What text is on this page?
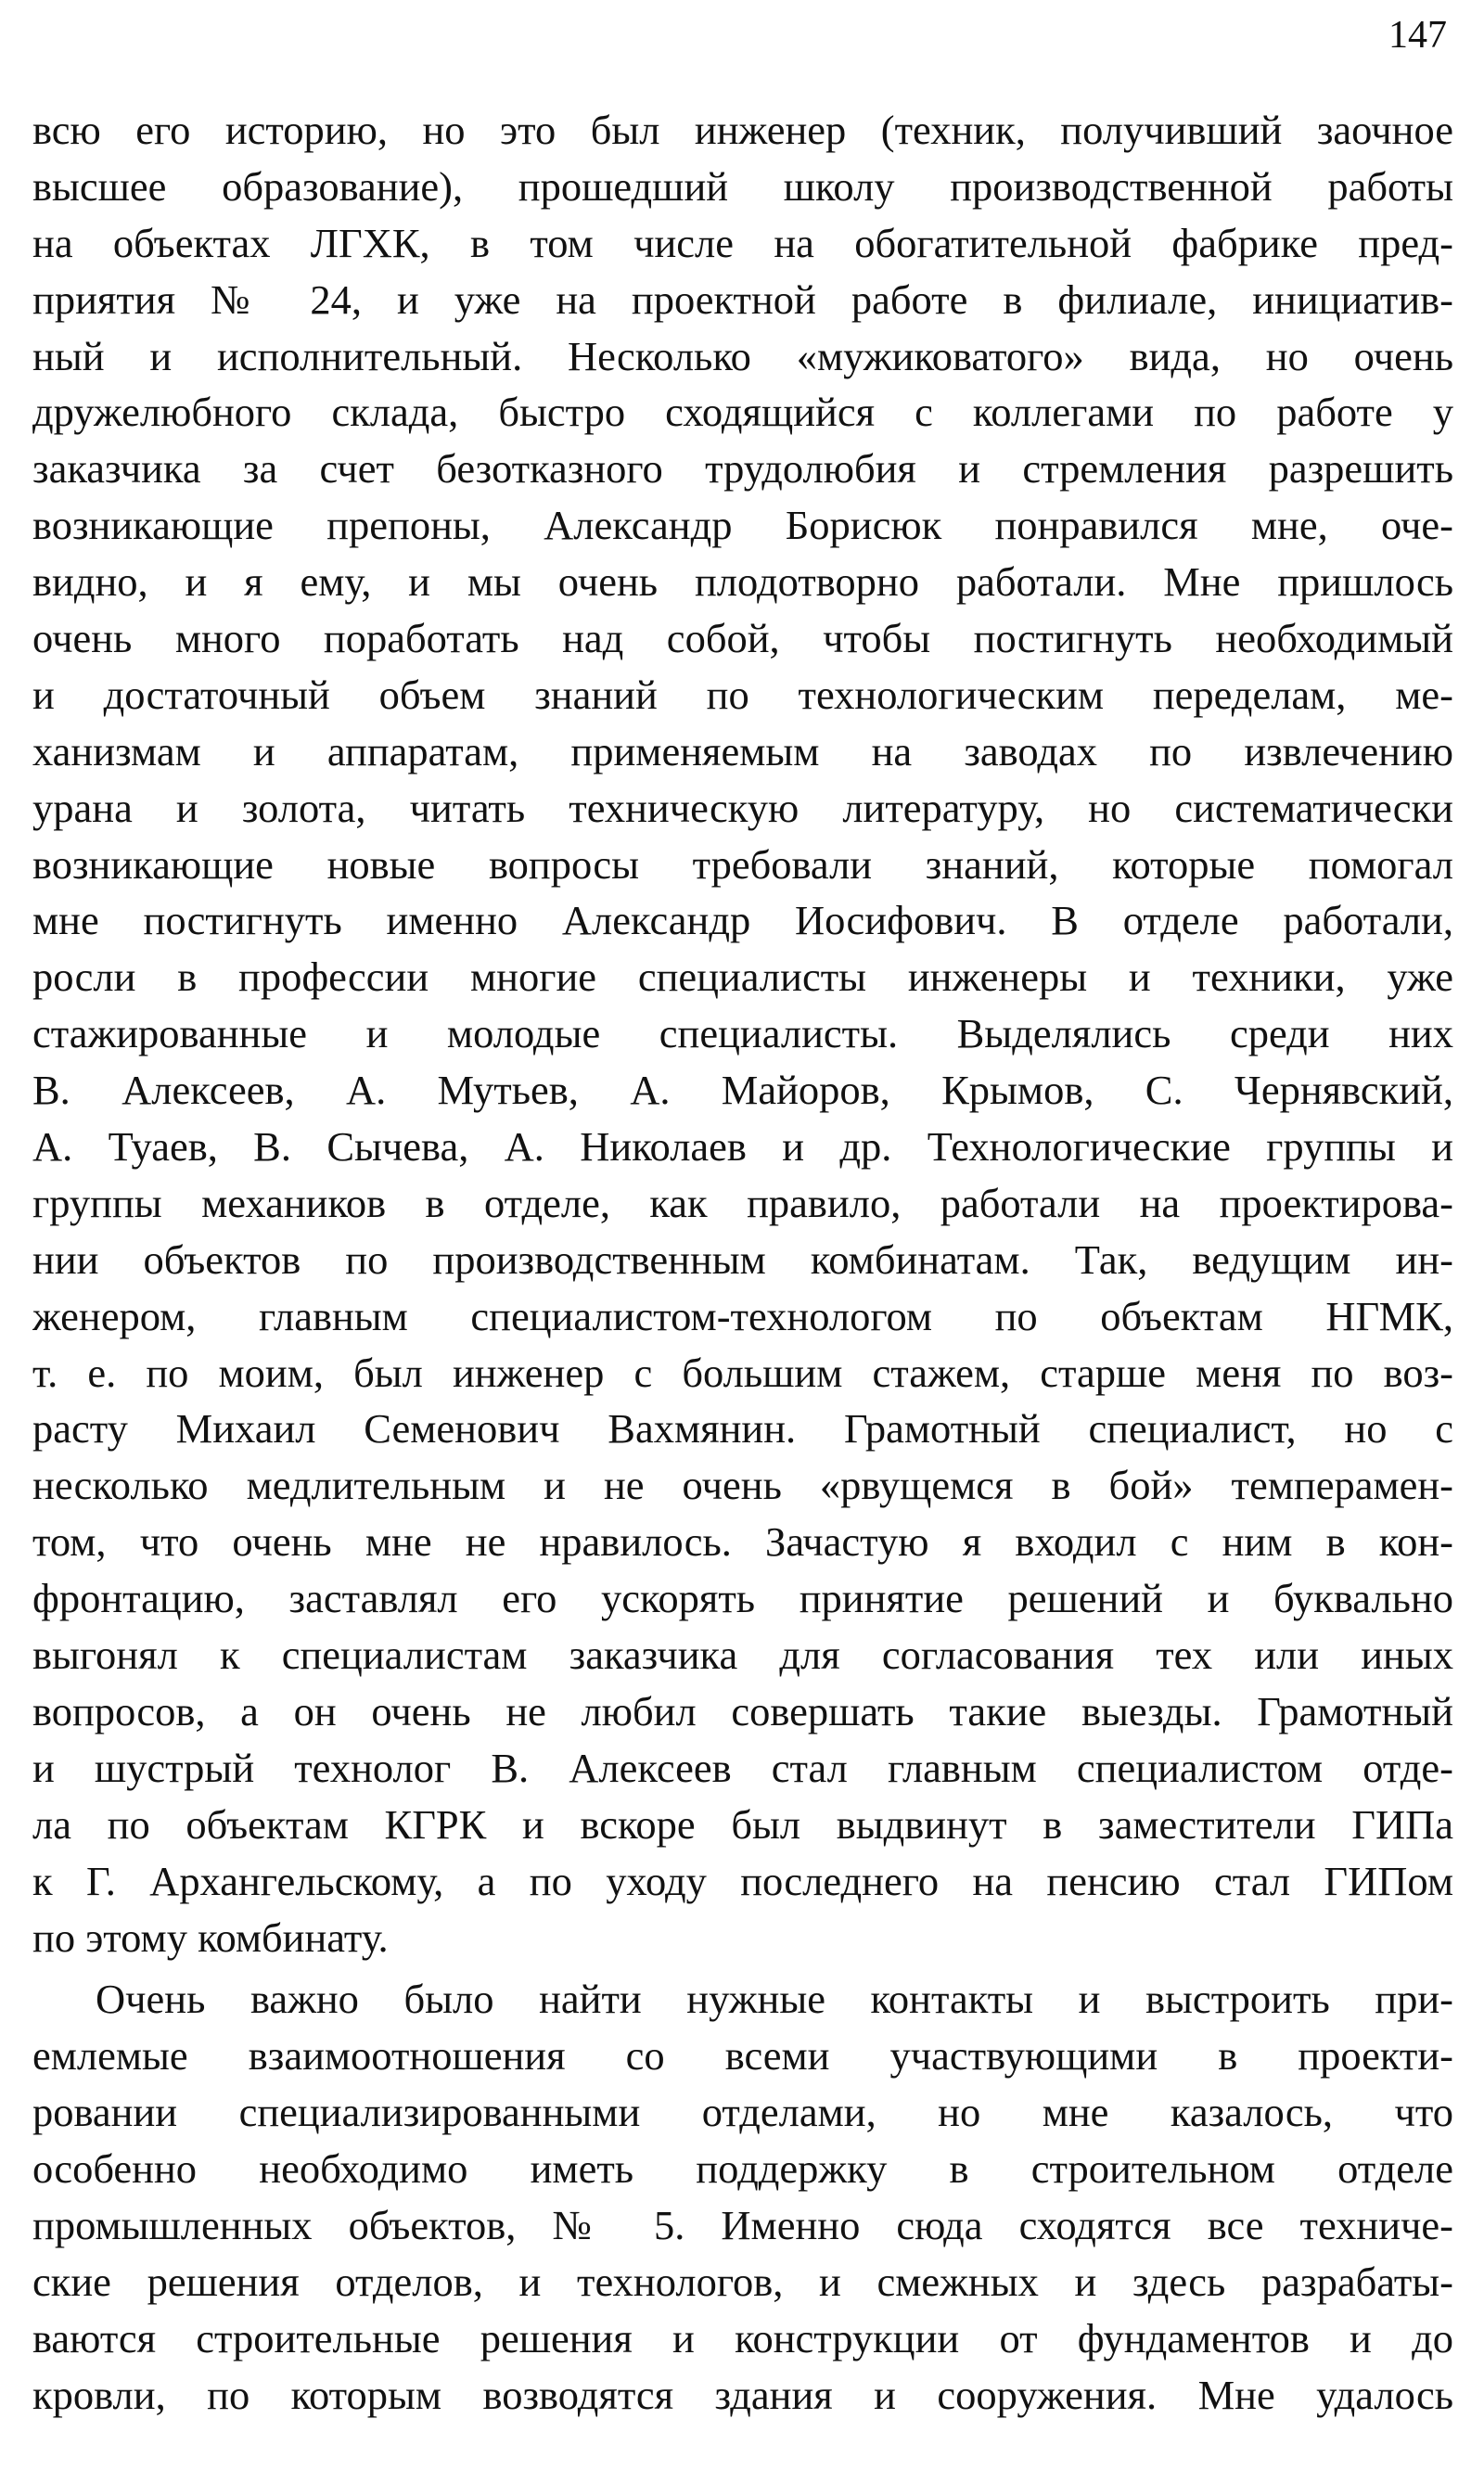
147
всю его историю, но это был инженер (техник, получивший заочное
высшее образование), прошедший школу производственной работы
на объектах ЛГХК, в том числе на обогатительной фабрике пред-
приятия № 24, и уже на проектной работе в филиале, инициатив-
ный и исполнительный. Несколько «мужиковатого» вида, но очень
дружелюбного склада, быстро сходящийся с коллегами по работе у
заказчика за счет безотказного трудолюбия и стремления разрешить
возникающие препоны, Александр Борисюк понравился мне, оче-
видно, и я ему, и мы очень плодотворно работали. Мне пришлось
очень много поработать над собой, чтобы постигнуть необходимый
и достаточный объем знаний по технологическим переделам, ме-
ханизмам и аппаратам, применяемым на заводах по извлечению
урана и золота, читать техническую литературу, но систематически
возникающие новые вопросы требовали знаний, которые помогал
мне постигнуть именно Александр Иосифович. В отделе работали,
росли в профессии многие специалисты инженеры и техники, уже
стажированные и молодые специалисты. Выделялись среди них
В. Алексеев, А. Мутьев, А. Майоров, Крымов, С. Чернявский,
А. Туаев, В. Сычева, А. Николаев и др. Технологические группы и
группы механиков в отделе, как правило, работали на проектирова-
нии объектов по производственным комбинатам. Так, ведущим ин-
женером, главным специалистом-технологом по объектам НГМК,
т. е. по моим, был инженер с большим стажем, старше меня по воз-
расту Михаил Семенович Вахмянин. Грамотный специалист, но с
несколько медлительным и не очень «рвущемся в бой» темперамен-
том, что очень мне не нравилось. Зачастую я входил с ним в кон-
фронтацию, заставлял его ускорять принятие решений и буквально
выгонял к специалистам заказчика для согласования тех или иных
вопросов, а он очень не любил совершать такие выезды. Грамотный
и шустрый технолог В. Алексеев стал главным специалистом отде-
ла по объектам КГРК и вскоре был выдвинут в заместители ГИПа
к Г. Архангельскому, а по уходу последнего на пенсию стал ГИПом
по этому комбинату.
Очень важно было найти нужные контакты и выстроить при-
емлемые взаимоотношения со всеми участвующими в проекти-
ровании специализированными отделами, но мне казалось, что
особенно необходимо иметь поддержку в строительном отделе
промышленных объектов, № 5. Именно сюда сходятся все техниче-
ские решения отделов, и технологов, и смежных и здесь разрабаты-
ваются строительные решения и конструкции от фундаментов и до
кровли, по которым возводятся здания и сооружения. Мне удалось
